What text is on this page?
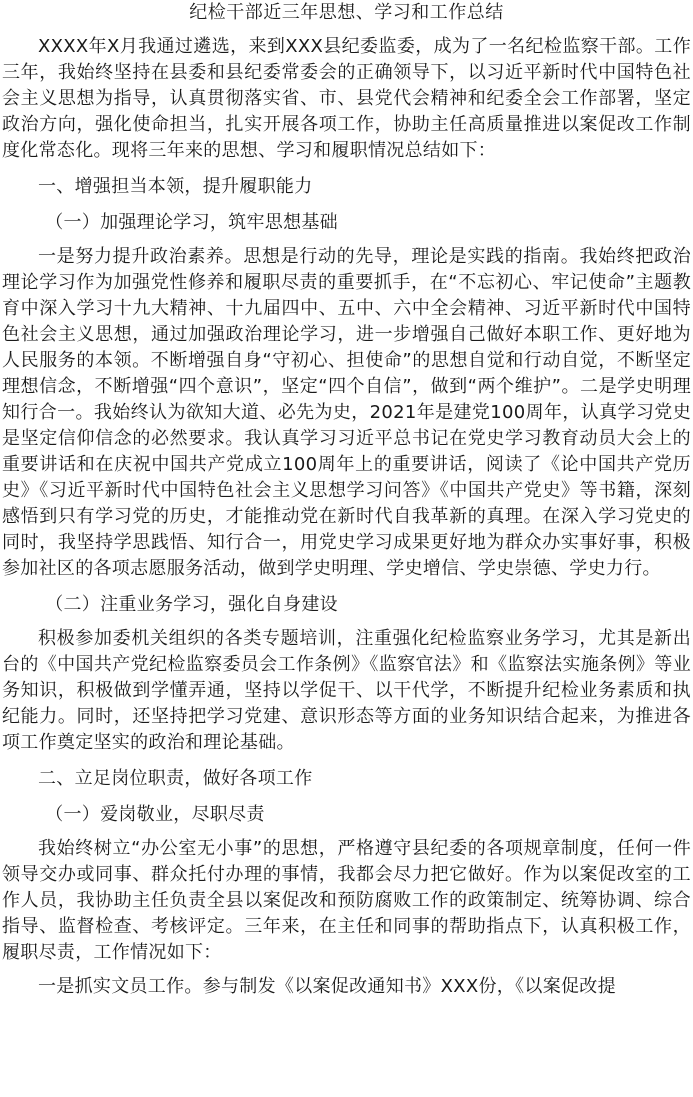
纪检干部近三年思想、学习和工作总结

XXXX年X月我通过遴选，来到XXX县纪委监委，成为了一名纪检监察干部。工作三年，我始终坚持在县委和县纪委常委会的正确领导下，以习近平新时代中国特色社会主义思想为指导，认真贯彻落实省、市、县党代会精神和纪委全会工作部署，坚定政治方向，强化使命担当，扎实开展各项工作，协助主任高质量推进以案促改工作制度化常态化。现将三年来的思想、学习和履职情况总结如下：

一、增强担当本领，提升履职能力

（一）加强理论学习，筑牢思想基础

一是努力提升政治素养。思想是行动的先导，理论是实践的指南。我始终把政治理论学习作为加强党性修养和履职尽责的重要抓手，在“不忘初心、牢记使命”主题教育中深入学习十九大精神、十九届四中、五中、六中全会精神、习近平新时代中国特色社会主义思想，通过加强政治理论学习，进一步增强自己做好本职工作、更好地为人民服务的本领。不断增强自身“守初心、担使命”的思想自觉和行动自觉，不断坚定理想信念，不断增强“四个意识”，坚定“四个自信”，做到“两个维护”。二是学史明理知行合一。我始终认为欲知大道、必先为史，2021年是建党100周年，认真学习党史是坚定信仰信念的必然要求。我认真学习习近平总书记在党史学习教育动员大会上的重要讲话和在庆祝中国共产党成立100周年上的重要讲话，阅读了《论中国共产党历史》《习近平新时代中国特色社会主义思想学习问答》《中国共产党史》等书籍，深刻感悟到只有学习党的历史，才能推动党在新时代自我革新的真理。在深入学习党史的同时，我坚持学思践悟、知行合一，用党史学习成果更好地为群众办实事好事，积极参加社区的各项志愿服务活动，做到学史明理、学史增信、学史崇德、学史力行。

（二）注重业务学习，强化自身建设

积极参加委机关组织的各类专题培训，注重强化纪检监察业务学习，尤其是新出台的《中国共产党纪检监察委员会工作条例》《监察官法》和《监察法实施条例》等业务知识，积极做到学懂弄通，坚持以学促干、以干代学，不断提升纪检业务素质和执纪能力。同时，还坚持把学习党建、意识形态等方面的业务知识结合起来，为推进各项工作奠定坚实的政治和理论基础。

二、立足岗位职责，做好各项工作

（一）爱岗敬业，尽职尽责

我始终树立“办公室无小事”的思想，严格遵守县纪委的各项规章制度，任何一件领导交办或同事、群众托付办理的事情，我都会尽力把它做好。作为以案促改室的工作人员，我协助主任负责全县以案促改和预防腐败工作的政策制定、统筹协调、综合指导、监督检查、考核评定。三年来，在主任和同事的帮助指点下，认真积极工作，履职尽责，工作情况如下：

一是抓实文员工作。参与制发《以案促改通知书》XXX份，《以案促改提
